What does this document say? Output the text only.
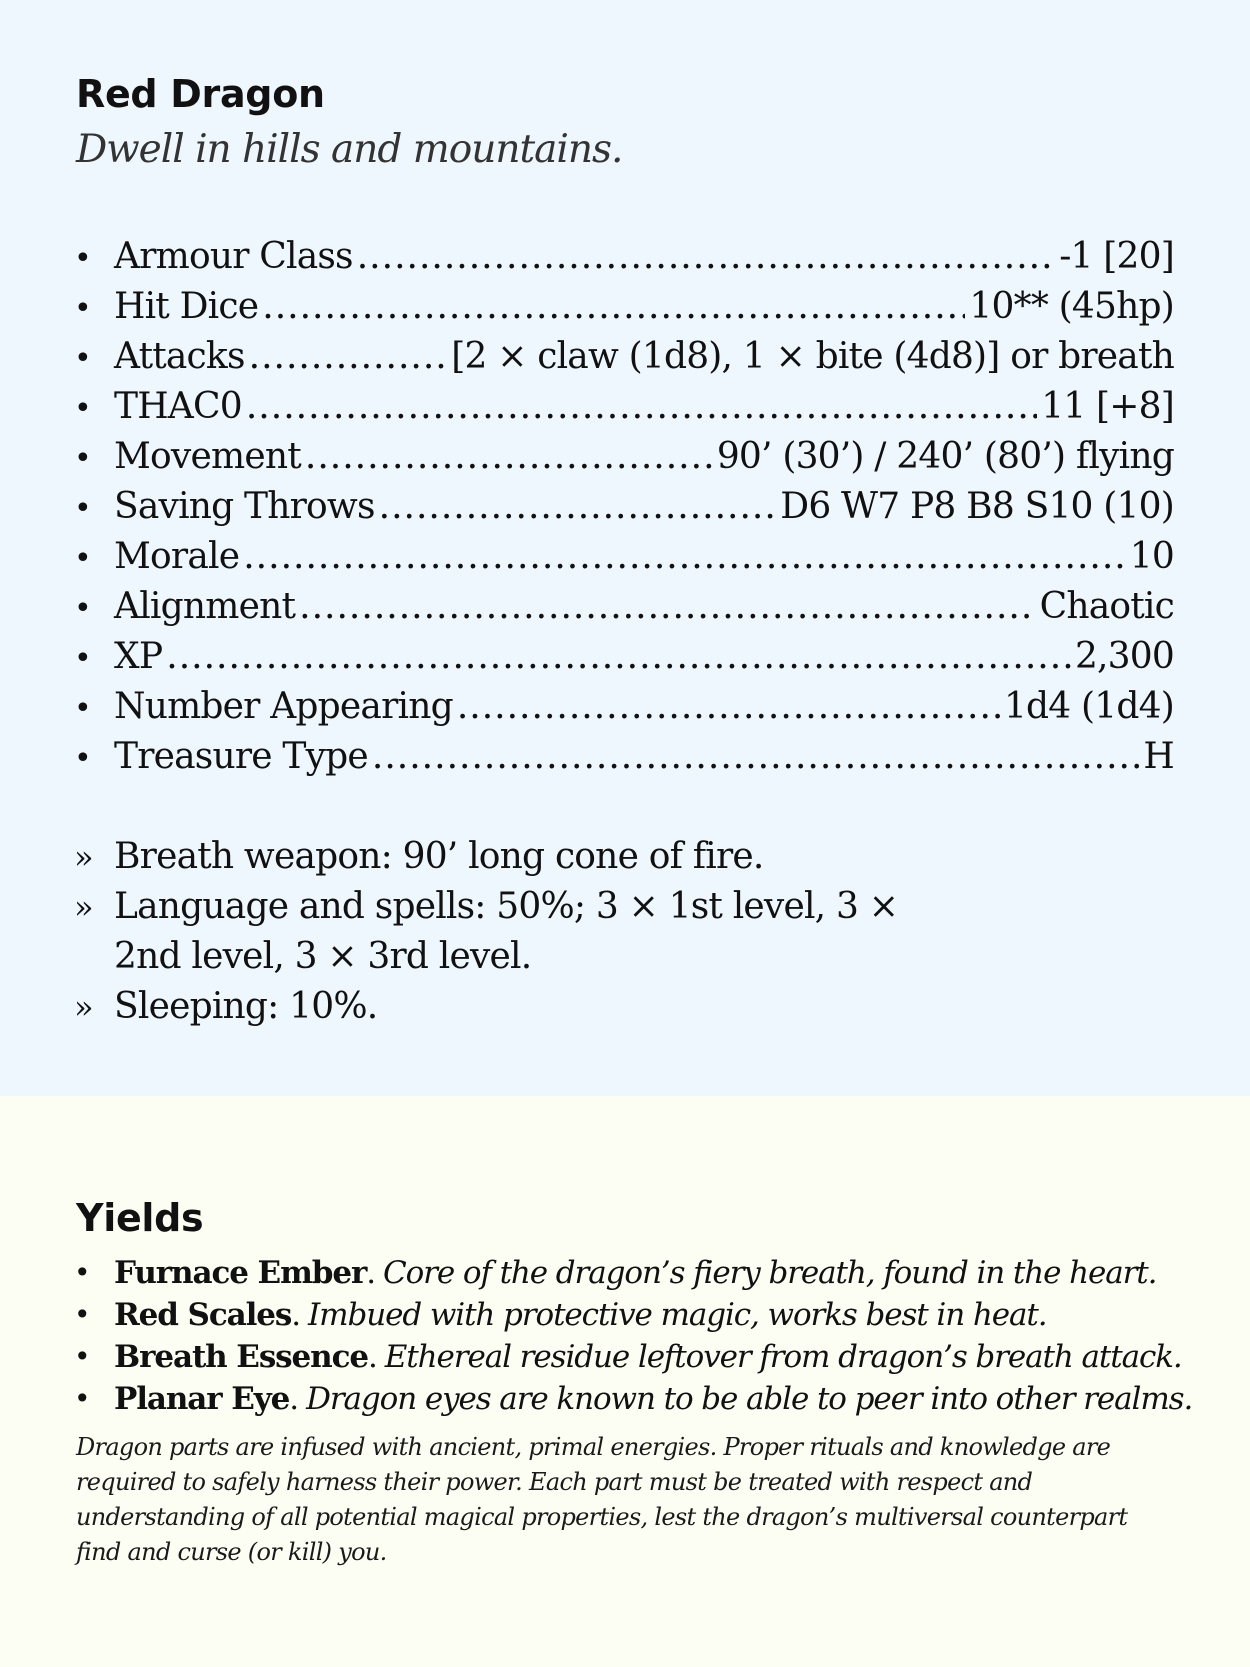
Red Dragon

Dwell in hills and mountains.

• Armour Class .....	-1 [20]
• Hit Dice .....	10** (45hp)
• Attacks .....	[2 × claw (1d8), 1 × bite (4d8)] or breath
• THAC0 .....	11 [+8]
• Movement .....	90’ (30’) / 240’ (80’) flying
• Saving Throws .....	D6 W7 P8 B8 S10 (10)
• Morale .....	10
• Alignment .....	Chaotic
• XP .....	2,300
• Number Appearing .....	1d4 (1d4)
• Treasure Type .....	H
» Breath weapon: 90’ long cone of fire.
» Language and spells: 50%; 3 × 1st level, 3 × 2nd level, 3 × 3rd level.
» Sleeping: 10%.
Yields
• Furnace Ember. Core of the dragon’s fiery breath, found in the heart.
• Red Scales. Imbued with protective magic, works best in heat.
• Breath Essence. Ethereal residue leftover from dragon’s breath attack.
• Planar Eye. Dragon eyes are known to be able to peer into other realms.

Dragon parts are infused with ancient, primal energies. Proper rituals and knowledge are required to safely harness their power. Each part must be treated with respect and understanding of all potential magical properties, lest the dragon’s multiversal counterpart find and curse (or kill) you.
